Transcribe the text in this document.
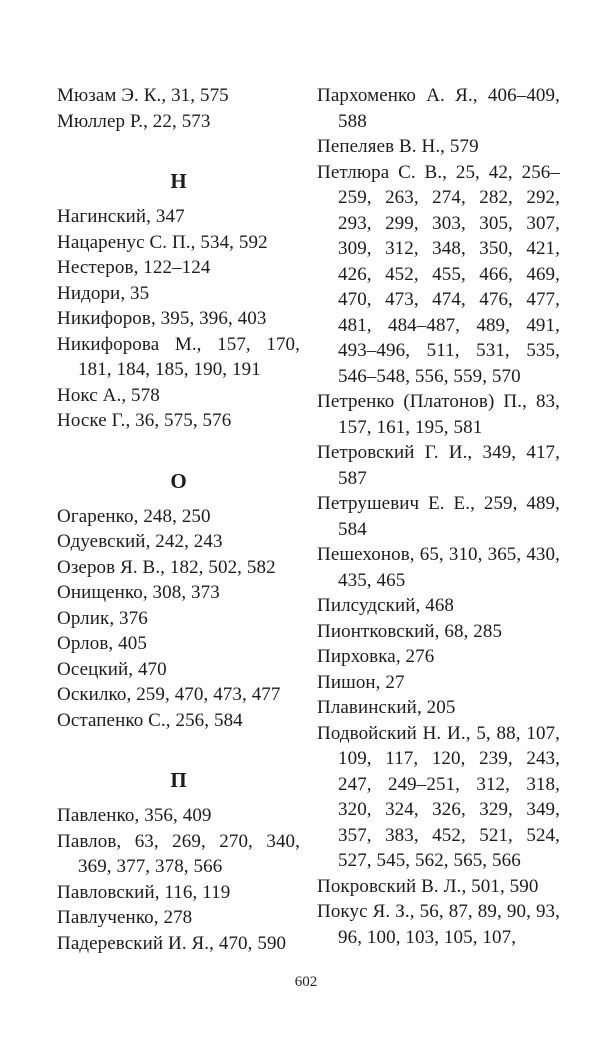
Мюзам Э. К., 31, 575

Мюллер Р., 22, 573

Н

Нагинский, 347

Нацаренус С. П., 534, 592

Нестеров, 122–124

Нидори, 35

Никифоров, 395, 396, 403

Никифорова М., 157, 170, 181, 184, 185, 190, 191

Нокс А., 578

Носке Г., 36, 575, 576

О

Огаренко, 248, 250

Одуевский, 242, 243

Озеров Я. В., 182, 502, 582

Онищенко, 308, 373

Орлик, 376

Орлов, 405

Осецкий, 470

Оскилко, 259, 470, 473, 477

Остапенко С., 256, 584

П

Павленко, 356, 409

Павлов, 63, 269, 270, 340, 369, 377, 378, 566

Павловский, 116, 119

Павлученко, 278

Падеревский И. Я., 470, 590

Пархоменко А. Я., 406–409, 588

Пепеляев В. Н., 579

Петлюра С. В., 25, 42, 256–259, 263, 274, 282, 292, 293, 299, 303, 305, 307, 309, 312, 348, 350, 421, 426, 452, 455, 466, 469, 470, 473, 474, 476, 477, 481, 484–487, 489, 491, 493–496, 511, 531, 535, 546–548, 556, 559, 570

Петренко (Платонов) П., 83, 157, 161, 195, 581

Петровский Г. И., 349, 417, 587

Петрушевич Е. Е., 259, 489, 584

Пешехонов, 65, 310, 365, 430, 435, 465

Пилсудский, 468

Пионтковский, 68, 285

Пирховка, 276

Пишон, 27

Плавинский, 205

Подвойский Н. И., 5, 88, 107, 109, 117, 120, 239, 243, 247, 249–251, 312, 318, 320, 324, 326, 329, 349, 357, 383, 452, 521, 524, 527, 545, 562, 565, 566

Покровский В. Л., 501, 590

Покус Я. З., 56, 87, 89, 90, 93, 96, 100, 103, 105, 107,

602
